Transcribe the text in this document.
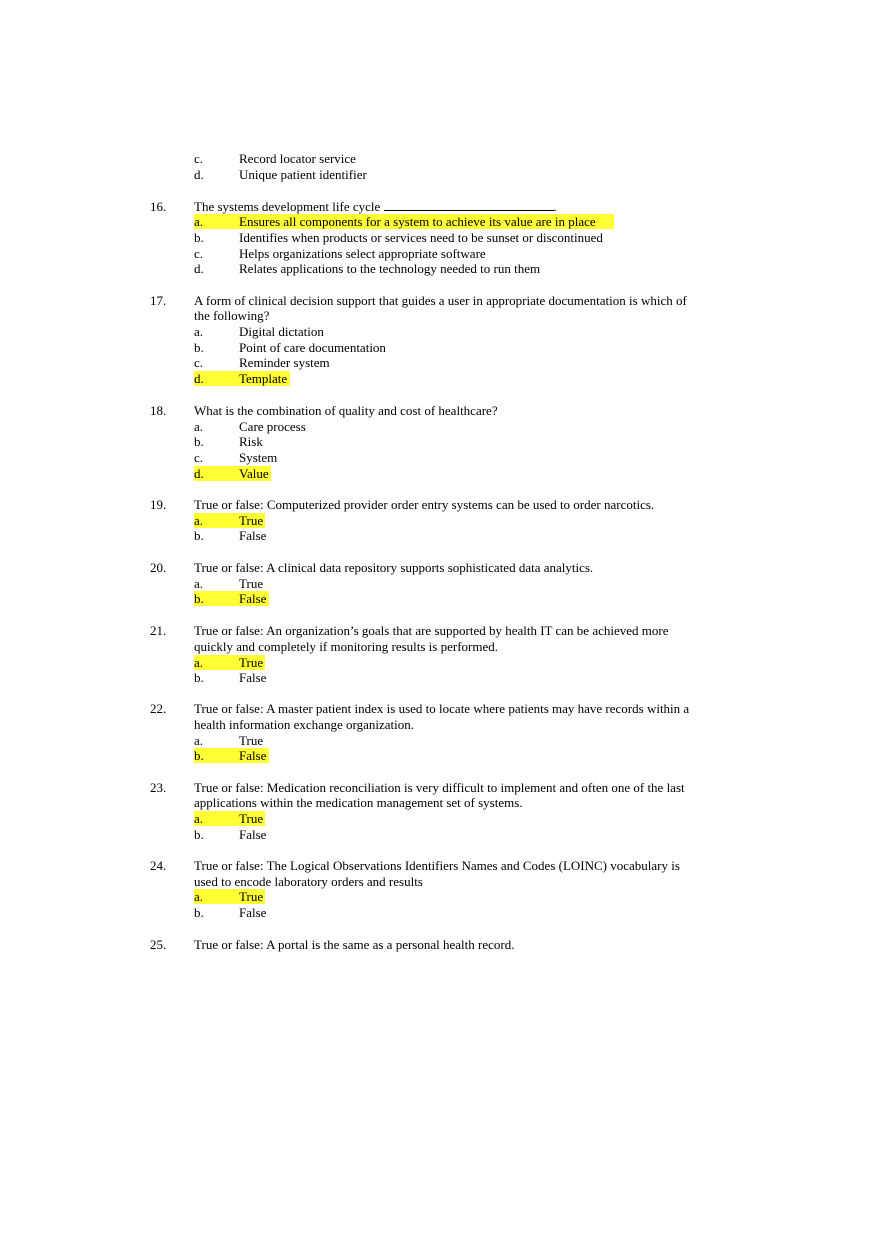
c.	Record locator service
d.	Unique patient identifier
16. The systems development life cycle	.
a.	Ensures all components for a system to achieve its value are in place
b.	Identifies when products or services need to be sunset or discontinued
c.	Helps organizations select appropriate software
d.	Relates applications to the technology needed to run them
17. A form of clinical decision support that guides a user in appropriate documentation is which of
the following?
a.	Digital dictation
b.	Point of care documentation
c.	Reminder system
d.	Template
18. What is the combination of quality and cost of healthcare?
a.	Care process
b.	Risk
c.	System
d.	Value
19. True or false: Computerized provider order entry systems can be used to order narcotics.
a.	True
b.	False
20. True or false: A clinical data repository supports sophisticated data analytics.
a.	True
b.	False
21. True or false: An organization’s goals that are supported by health IT can be achieved more
quickly and completely if monitoring results is performed.
a.	True
b.	False
22. True or false: A master patient index is used to locate where patients may have records within a
health information exchange organization.
a.	True
b.	False
23. True or false: Medication reconciliation is very difficult to implement and often one of the last
applications within the medication management set of systems.
a.	True
b.	False
24. True or false: The Logical Observations Identifiers Names and Codes (LOINC) vocabulary is
used to encode laboratory orders and results
a.	True
b.	False
25. True or false: A portal is the same as a personal health record.
